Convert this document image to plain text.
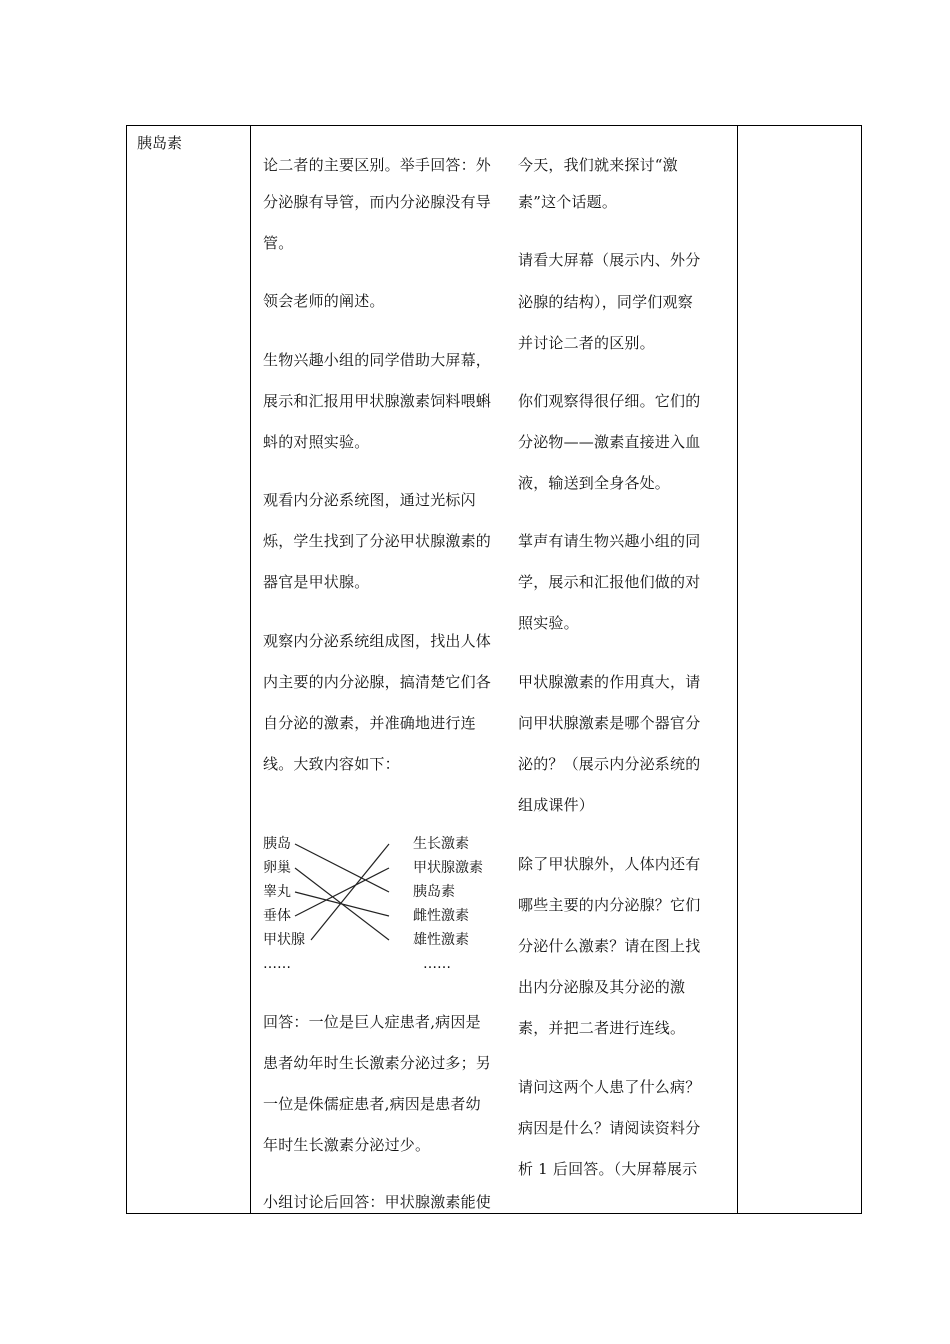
胰岛素
论二者的主要区别。举手回答：外
分泌腺有导管，而内分泌腺没有导
管。
领会老师的阐述。
生物兴趣小组的同学借助大屏幕，
展示和汇报用甲状腺激素饲料喂蝌
蚪的对照实验。
观看内分泌系统图，通过光标闪
烁，学生找到了分泌甲状腺激素的
器官是甲状腺。
观察内分泌系统组成图，找出人体
内主要的内分泌腺，搞清楚它们各
自分泌的激素，并准确地进行连
线。大致内容如下：
回答：一位是巨人症患者,病因是
患者幼年时生长激素分泌过多；另
一位是侏儒症患者,病因是患者幼
年时生长激素分泌过少。
小组讨论后回答：甲状腺激素能使
今天，我们就来探讨“激
素”这个话题。
请看大屏幕（展示内、外分
泌腺的结构），同学们观察
并讨论二者的区别。
你们观察得很仔细。它们的
分泌物——激素直接进入血
液，输送到全身各处。
掌声有请生物兴趣小组的同
学，展示和汇报他们做的对
照实验。
甲状腺激素的作用真大，请
问甲状腺激素是哪个器官分
泌的？（展示内分泌系统的
组成课件）
除了甲状腺外，人体内还有
哪些主要的内分泌腺？它们
分泌什么激素？请在图上找
出内分泌腺及其分泌的激
素，并把二者进行连线。
请问这两个人患了什么病？
病因是什么？请阅读资料分
析 1 后回答。（大屏幕展示
胰岛
卵巢
睾丸
垂体
甲状腺
……
生长激素
甲状腺激素
胰岛素
雌性激素
雄性激素
……
